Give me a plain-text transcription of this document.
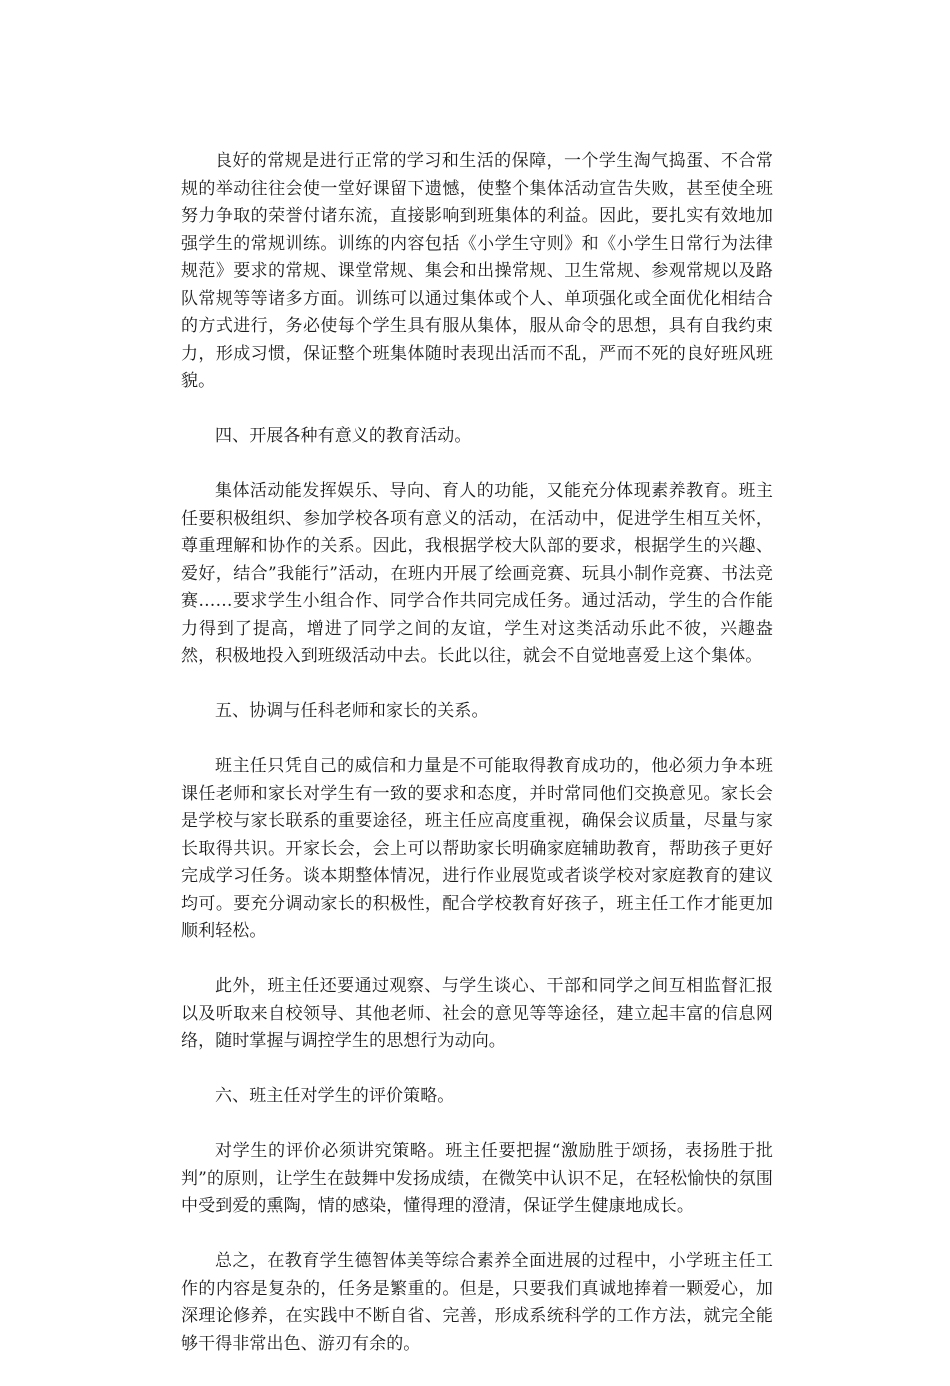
良好的常规是进行正常的学习和生活的保障，一个学生淘气捣蛋、不合常规的举动往往会使一堂好课留下遗憾，使整个集体活动宣告失败，甚至使全班努力争取的荣誉付诸东流，直接影响到班集体的利益。因此，要扎实有效地加强学生的常规训练。训练的内容包括《小学生守则》和《小学生日常行为法律规范》要求的常规、课堂常规、集会和出操常规、卫生常规、参观常规以及路队常规等等诸多方面。训练可以通过集体或个人、单项强化或全面优化相结合的方式进行，务必使每个学生具有服从集体，服从命令的思想，具有自我约束力，形成习惯，保证整个班集体随时表现出活而不乱，严而不死的良好班风班貌。

四、开展各种有意义的教育活动。

集体活动能发挥娱乐、导向、育人的功能，又能充分体现素养教育。班主任要积极组织、参加学校各项有意义的活动，在活动中，促进学生相互关怀，尊重理解和协作的关系。因此，我根据学校大队部的要求，根据学生的兴趣、爱好，结合”我能行”活动，在班内开展了绘画竞赛、玩具小制作竞赛、书法竞赛……要求学生小组合作、同学合作共同完成任务。通过活动，学生的合作能力得到了提高，增进了同学之间的友谊，学生对这类活动乐此不彼，兴趣盎然，积极地投入到班级活动中去。长此以往，就会不自觉地喜爱上这个集体。

五、协调与任科老师和家长的关系。

班主任只凭自己的威信和力量是不可能取得教育成功的，他必须力争本班课任老师和家长对学生有一致的要求和态度，并时常同他们交换意见。家长会是学校与家长联系的重要途径，班主任应高度重视，确保会议质量，尽量与家长取得共识。开家长会，会上可以帮助家长明确家庭辅助教育，帮助孩子更好完成学习任务。谈本期整体情况，进行作业展览或者谈学校对家庭教育的建议均可。要充分调动家长的积极性，配合学校教育好孩子，班主任工作才能更加顺利轻松。

此外，班主任还要通过观察、与学生谈心、干部和同学之间互相监督汇报以及听取来自校领导、其他老师、社会的意见等等途径，建立起丰富的信息网络，随时掌握与调控学生的思想行为动向。

六、班主任对学生的评价策略。

对学生的评价必须讲究策略。班主任要把握“激励胜于颂扬，表扬胜于批判”的原则，让学生在鼓舞中发扬成绩，在微笑中认识不足，在轻松愉快的氛围中受到爱的熏陶，情的感染，懂得理的澄清，保证学生健康地成长。

总之，在教育学生德智体美等综合素养全面进展的过程中，小学班主任工作的内容是复杂的，任务是繁重的。但是，只要我们真诚地捧着一颗爱心，加深理论修养，在实践中不断自省、完善，形成系统科学的工作方法，就完全能够干得非常出色、游刃有余的。
